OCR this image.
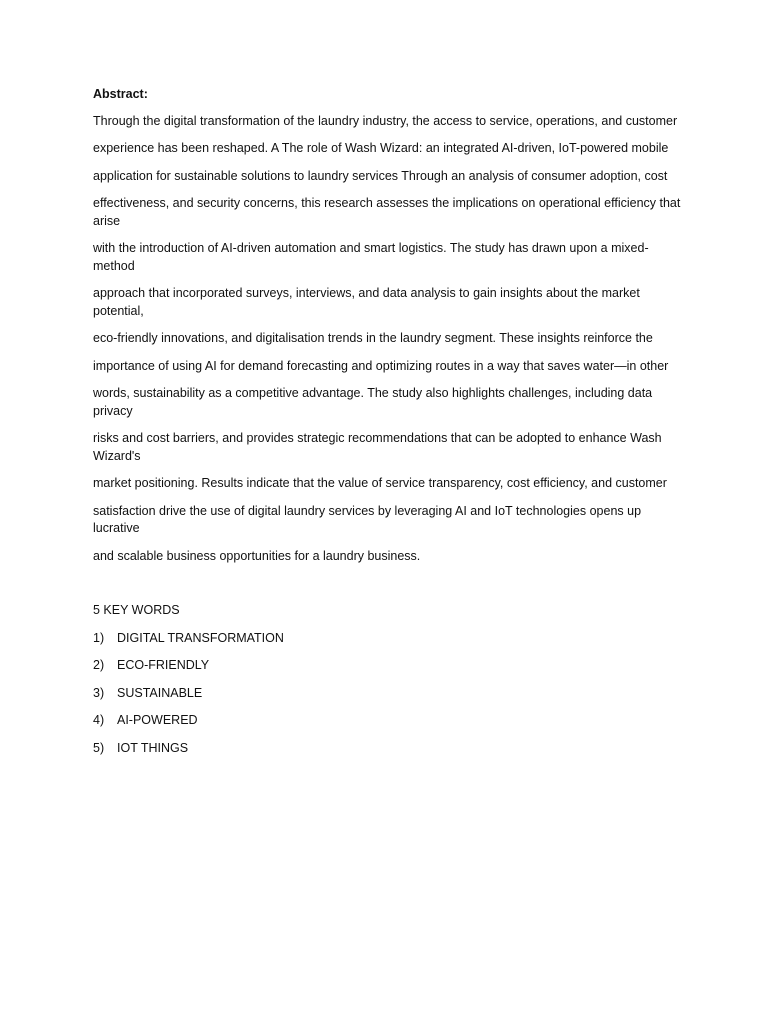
Abstract:
Through the digital transformation of the laundry industry, the access to service, operations, and customer
experience has been reshaped. A The role of Wash Wizard: an integrated AI-driven, IoT-powered mobile
application for sustainable solutions to laundry services Through an analysis of consumer adoption, cost
effectiveness, and security concerns, this research assesses the implications on operational efficiency that arise
with the introduction of AI-driven automation and smart logistics. The study has drawn upon a mixed-method
approach that incorporated surveys, interviews, and data analysis to gain insights about the market potential,
eco-friendly innovations, and digitalisation trends in the laundry segment. These insights reinforce the
importance of using AI for demand forecasting and optimizing routes in a way that saves water—in other
words, sustainability as a competitive advantage. The study also highlights challenges, including data privacy
risks and cost barriers, and provides strategic recommendations that can be adopted to enhance Wash Wizard's
market positioning. Results indicate that the value of service transparency, cost efficiency, and customer
satisfaction drive the use of digital laundry services by leveraging AI and IoT technologies opens up lucrative
and scalable business opportunities for a laundry business.
5 KEY WORDS
1)	DIGITAL TRANSFORMATION
2)	ECO-FRIENDLY
3)	SUSTAINABLE
4)	AI-POWERED
5)	IOT THINGS
